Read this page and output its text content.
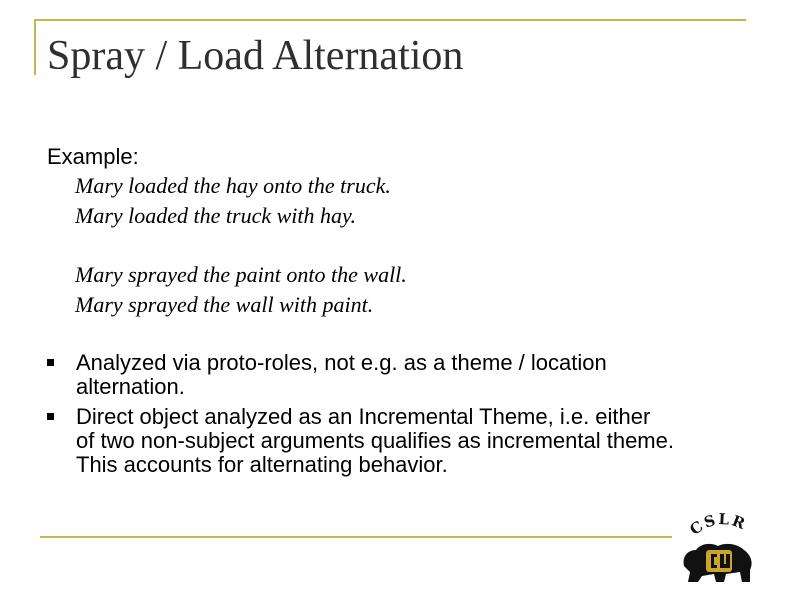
Spray / Load Alternation
Example:
Mary loaded the hay onto the truck.
Mary loaded the truck with hay.
Mary sprayed the paint onto the wall.
Mary sprayed the wall with paint.
Analyzed via proto-roles, not e.g. as a theme / location
alternation.
Direct object analyzed as an Incremental Theme, i.e. either
of two non-subject arguments qualifies as incremental theme.
This accounts for alternating behavior.
CSLR
